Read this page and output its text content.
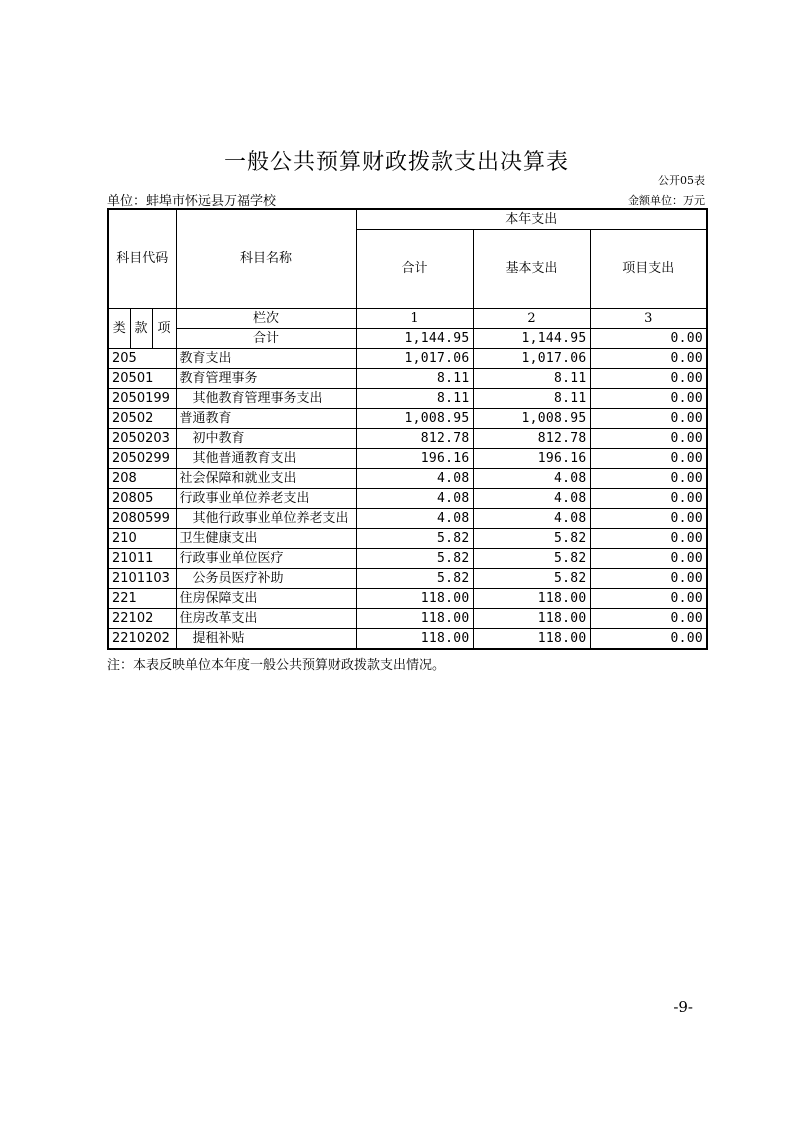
一般公共预算财政拨款支出决算表
公开05表
单位：蚌埠市怀远县万福学校	金额单位：万元
科目代码			科目名称	本年支出		
				合计	基本支出	项目支出

类	款	项	栏次	1	2	3
			合计	1,144.95	1,144.95	0.00
205			教育支出	1,017.06	1,017.06	0.00
20501			教育管理事务	8.11	8.11	0.00
2050199			其他教育管理事务支出	8.11	8.11	0.00
20502			普通教育	1,008.95	1,008.95	0.00
2050203			初中教育	812.78	812.78	0.00
2050299			其他普通教育支出	196.16	196.16	0.00
208			社会保障和就业支出	4.08	4.08	0.00
20805			行政事业单位养老支出	4.08	4.08	0.00
2080599			其他行政事业单位养老支出	4.08	4.08	0.00
210			卫生健康支出	5.82	5.82	0.00
21011			行政事业单位医疗	5.82	5.82	0.00
2101103			公务员医疗补助	5.82	5.82	0.00
221			住房保障支出	118.00	118.00	0.00
22102			住房改革支出	118.00	118.00	0.00
2210202			提租补贴	118.00	118.00	0.00
注：本表反映单位本年度一般公共预算财政拨款支出情况。
-9-
